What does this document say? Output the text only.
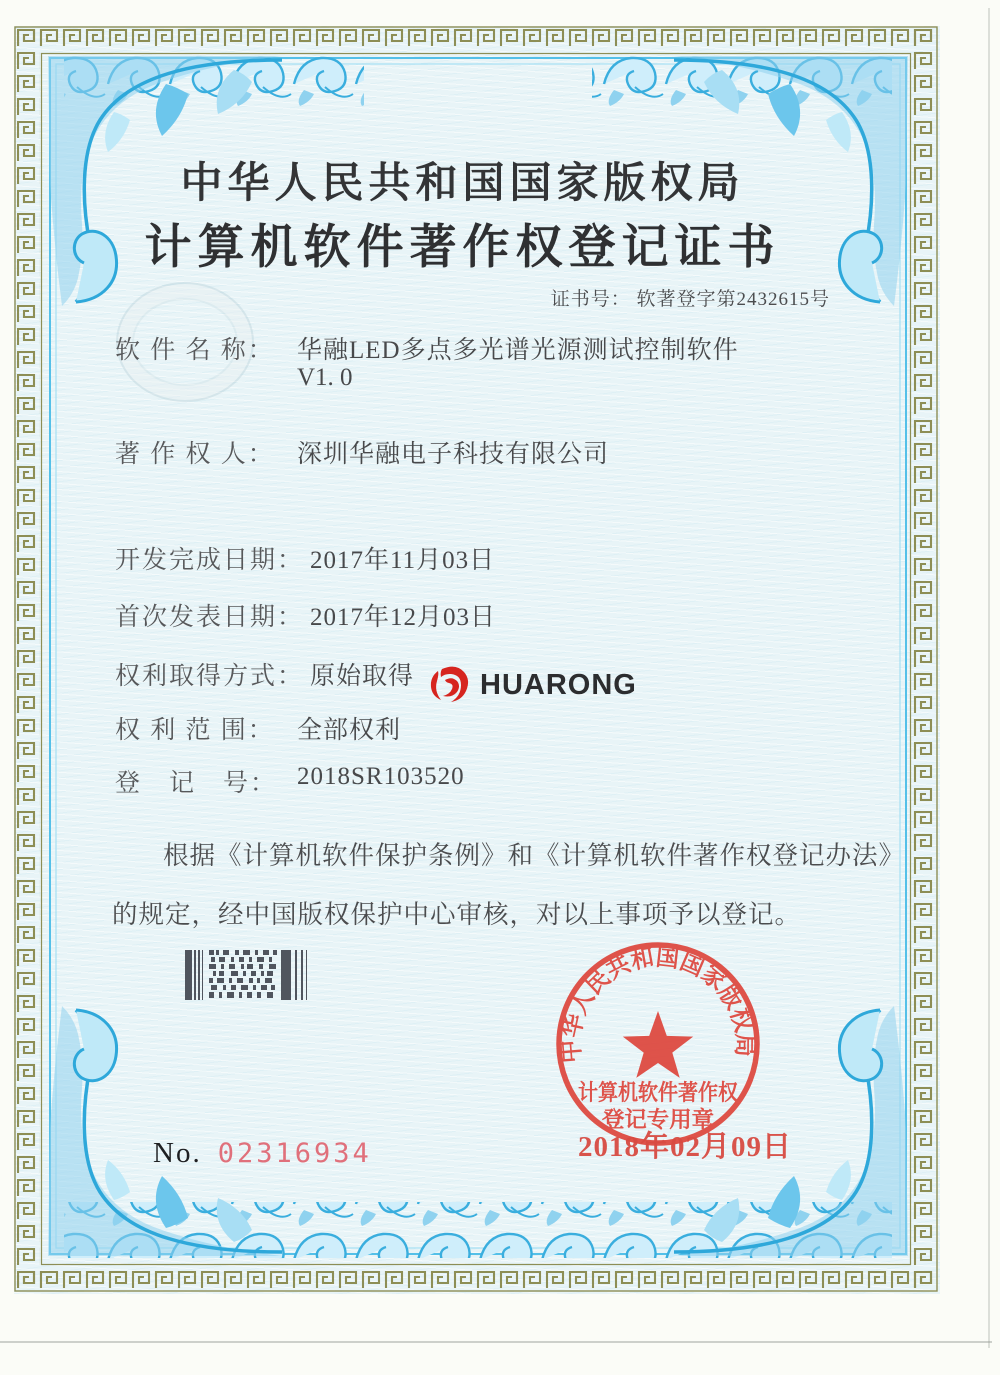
中华人民共和国国家版权局
计算机软件著作权登记证书
证书号： 软著登字第2432615号
软 件 名 称： 华融LED多点多光谱光源测试控制软件
V1. 0
著 作 权 人： 深圳华融电子科技有限公司
开发完成日期： 2017年11月03日
首次发表日期： 2017年12月03日
权利取得方式： 原始取得
权 利 范 围： 全部权利
登　记　号： 2018SR103520

根据《计算机软件保护条例》和《计算机软件著作权登记办法》的规定，经中国版权保护中心审核，对以上事项予以登记。

HUARONG
中华人民共和国国家版权局
计算机软件著作权
登记专用章
2018年02月09日
No. 02316934
